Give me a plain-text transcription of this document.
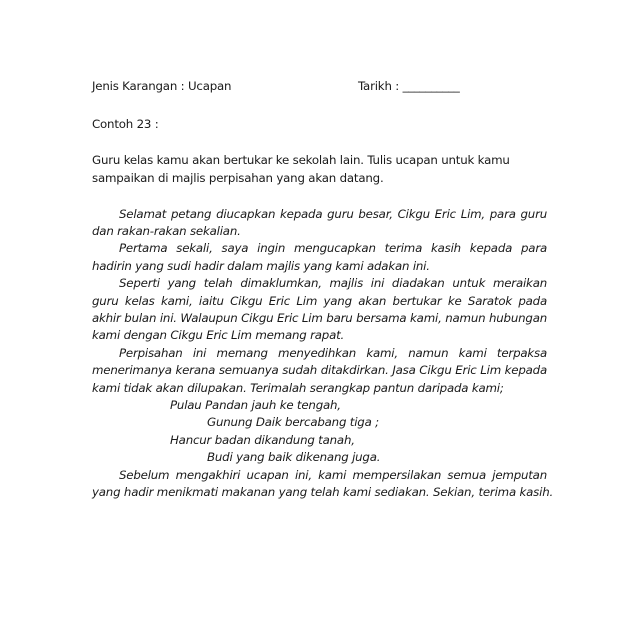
Jenis Karangan : Ucapan	Tarikh : __________
Contoh 23 :
Guru kelas kamu akan bertukar ke sekolah lain. Tulis ucapan untuk kamu
sampaikan di majlis perpisahan yang akan datang.
Selamat petang diucapkan kepada guru besar, Cikgu Eric Lim, para guru
dan rakan-rakan sekalian.
Pertama sekali, saya ingin mengucapkan terima kasih kepada para
hadirin yang sudi hadir dalam majlis yang kami adakan ini.
Seperti yang telah dimaklumkan, majlis ini diadakan untuk meraikan
guru kelas kami, iaitu Cikgu Eric Lim yang akan bertukar ke Saratok pada
akhir bulan ini. Walaupun Cikgu Eric Lim baru bersama kami, namun hubungan
kami dengan Cikgu Eric Lim memang rapat.
Perpisahan ini memang menyedihkan kami, namun kami terpaksa
menerimanya kerana semuanya sudah ditakdirkan. Jasa Cikgu Eric Lim kepada
kami tidak akan dilupakan. Terimalah serangkap pantun daripada kami;
Pulau Pandan jauh ke tengah,
Gunung Daik bercabang tiga ;
Hancur badan dikandung tanah,
Budi yang baik dikenang juga.
Sebelum mengakhiri ucapan ini, kami mempersilakan semua jemputan
yang hadir menikmati makanan yang telah kami sediakan. Sekian, terima kasih.
